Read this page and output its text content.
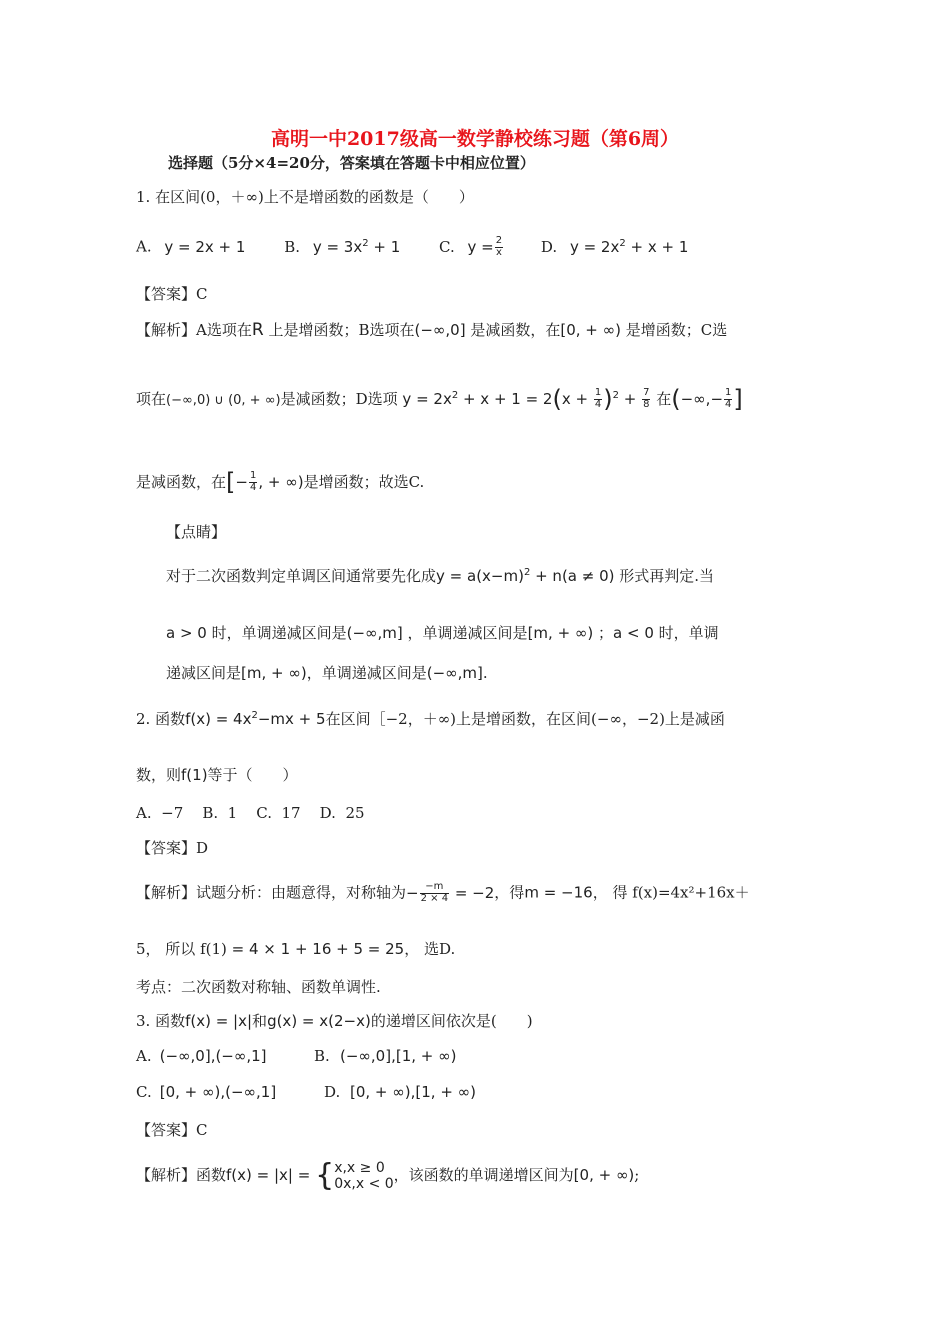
高明一中2017级高一数学静校练习题（第6周）
选择题（5分×4=20分，答案填在答题卡中相应位置）
1. 在区间(0，＋∞)上不是增函数的函数是（　　）
A. y = 2x + 1	B. $y = 3x^2 + 1$	C. $y = \frac{2}{x}$	D. $y = 2x^2 + x + 1$
【答案】C
【解析】A选项在R 上是增函数；B选项在(−∞,0] 是减函数，在[0, + ∞) 是增函数；C选
项在(−∞,0) ∪ (0, + ∞)是减函数；D选项 $y = 2x^2 + x + 1 = 2(x + \frac{1}{4} )^2 + \frac{7}{8}$ 在(−∞,− $\frac{1}{4}$ ]
是减函数，在[− $\frac{1}{4}$ , + ∞)是增函数；故选C.
【点睛】
对于二次函数判定单调区间通常要先化成$y = a(x-m)^2 + n(a \ne 0)$ 形式再判定.当
a > 0 时，单调递减区间是(−∞,m] ，单调递减区间是[m, + ∞) ；a < 0 时，单调
递减区间是[m, + ∞)，单调递减区间是(−∞,m].
2. 函数$f(x) = 4x^2-mx + 5$在区间［−2，＋∞)上是增函数，在区间(−∞，−2)上是减函
数，则f(1)等于（　　）
A.  −7    B.  1    C.  17    D.  25
【答案】D
【解析】试题分析：由题意得，对称轴为− $\frac{-m}{2 \times 4} = -2$，得m = −16， 得 f(x)=4x²+16x＋
5， 所以 f(1) = 4 × 1 + 16 + 5 = 25， 选D.
考点：二次函数对称轴、函数单调性.
3. 函数f(x) = |x|和g(x) = x(2−x)的递增区间依次是(　　)
A. (−∞,0],(−∞,1]	B. (−∞,0],[1, + ∞)
C. [0, + ∞),(−∞,1]	D. [0, + ∞),[1, + ∞)
【答案】C
【解析】函数f(x) = |x| = { x,x ≥ 0
0x,x < 0 ，该函数的单调递增区间为[0, + ∞);
